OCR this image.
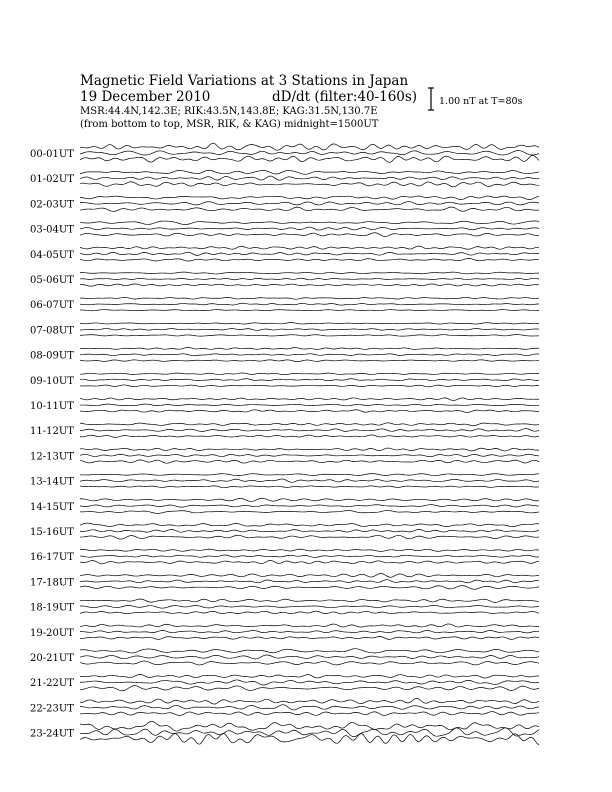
Magnetic Field Variations at 3 Stations in Japan
19 December 2010	dD/dt (filter:40-160s)
MSR:44.4N,142.3E; RIK:43.5N,143.8E; KAG:31.5N,130.7E
(from bottom to top, MSR, RIK, & KAG) midnight=1500UT
1.00 nT at T=80s
00-01UT
01-02UT
02-03UT
03-04UT
04-05UT
05-06UT
06-07UT
07-08UT
08-09UT
09-10UT
10-11UT
11-12UT
12-13UT
13-14UT
14-15UT
15-16UT
16-17UT
17-18UT
18-19UT
19-20UT
20-21UT
21-22UT
22-23UT
23-24UT
